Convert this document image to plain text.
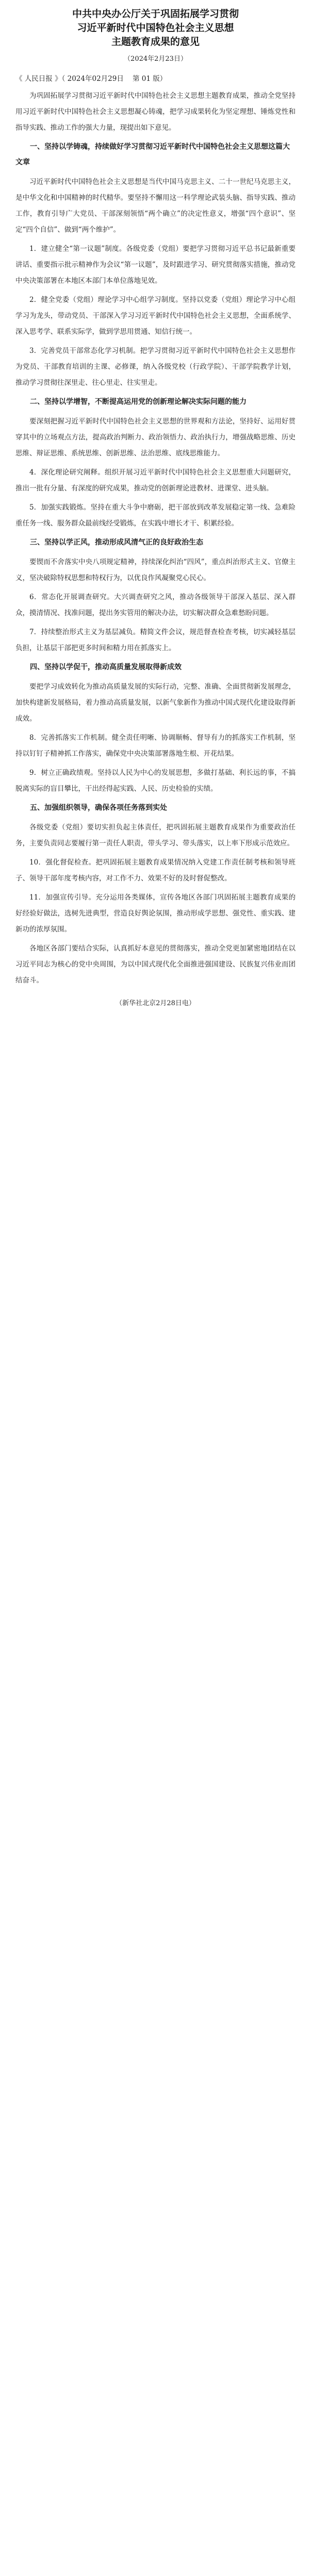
中共中央办公厅关于巩固拓展学习贯彻
习近平新时代中国特色社会主义思想
主题教育成果的意见
（2024年2月23日）
《 人民日报 》（ 2024年02月29日    第 01 版）

为巩固拓展学习贯彻习近平新时代中国特色社会主义思想主题教育成果，推动全党坚持用习近平新时代中国特色社会主义思想凝心铸魂，把学习成果转化为坚定理想、锤炼党性和指导实践、推动工作的强大力量，现提出如下意见。

一、坚持以学铸魂，持续做好学习贯彻习近平新时代中国特色社会主义思想这篇大文章

习近平新时代中国特色社会主义思想是当代中国马克思主义、二十一世纪马克思主义，是中华文化和中国精神的时代精华。要坚持不懈用这一科学理论武装头脑、指导实践、推动工作，教育引导广大党员、干部深刻领悟“两个确立”的决定性意义，增强“四个意识”、坚定“四个自信”、做到“两个维护”。

1．建立健全“第一议题”制度。各级党委（党组）要把学习贯彻习近平总书记最新重要讲话、重要指示批示精神作为会议“第一议题”，及时跟进学习、研究贯彻落实措施，推动党中央决策部署在本地区本部门本单位落地见效。

2．健全党委（党组）理论学习中心组学习制度。坚持以党委（党组）理论学习中心组学习为龙头，带动党员、干部深入学习习近平新时代中国特色社会主义思想，全面系统学、深入思考学、联系实际学，做到学思用贯通、知信行统一。

3．完善党员干部常态化学习机制。把学习贯彻习近平新时代中国特色社会主义思想作为党员、干部教育培训的主课、必修课，纳入各级党校（行政学院）、干部学院教学计划，推动学习贯彻往深里走、往心里走、往实里走。

二、坚持以学增智，不断提高运用党的创新理论解决实际问题的能力

要深刻把握习近平新时代中国特色社会主义思想的世界观和方法论，坚持好、运用好贯穿其中的立场观点方法，提高政治判断力、政治领悟力、政治执行力，增强战略思维、历史思维、辩证思维、系统思维、创新思维、法治思维、底线思维能力。

4．深化理论研究阐释。组织开展习近平新时代中国特色社会主义思想重大问题研究，推出一批有分量、有深度的研究成果，推动党的创新理论进教材、进课堂、进头脑。

5．加强实践锻炼。坚持在重大斗争中磨砺，把干部放到改革发展稳定第一线、急难险重任务一线、服务群众最前线经受锻炼，在实践中增长才干、积累经验。

三、坚持以学正风，推动形成风清气正的良好政治生态

要锲而不舍落实中央八项规定精神，持续深化纠治“四风”，重点纠治形式主义、官僚主义，坚决破除特权思想和特权行为，以优良作风凝聚党心民心。

6．常态化开展调查研究。大兴调查研究之风，推动各级领导干部深入基层、深入群众，摸清情况、找准问题，提出务实管用的解决办法，切实解决群众急难愁盼问题。

7．持续整治形式主义为基层减负。精简文件会议，规范督查检查考核，切实减轻基层负担，让基层干部把更多时间和精力用在抓落实上。

四、坚持以学促干，推动高质量发展取得新成效

要把学习成效转化为推动高质量发展的实际行动，完整、准确、全面贯彻新发展理念，加快构建新发展格局，着力推动高质量发展，以新气象新作为推动中国式现代化建设取得新成效。

8．完善抓落实工作机制。健全责任明晰、协调顺畅、督导有力的抓落实工作机制，坚持以钉钉子精神抓工作落实，确保党中央决策部署落地生根、开花结果。

9．树立正确政绩观。坚持以人民为中心的发展思想，多做打基础、利长远的事，不搞脱离实际的盲目攀比，干出经得起实践、人民、历史检验的实绩。

五、加强组织领导，确保各项任务落到实处

各级党委（党组）要切实担负起主体责任，把巩固拓展主题教育成果作为重要政治任务，主要负责同志要履行第一责任人职责，带头学习、带头落实，以上率下形成示范效应。

10．强化督促检查。把巩固拓展主题教育成果情况纳入党建工作责任制考核和领导班子、领导干部年度考核内容，对工作不力、效果不好的及时督促整改。

11．加强宣传引导。充分运用各类媒体，宣传各地区各部门巩固拓展主题教育成果的好经验好做法，选树先进典型，营造良好舆论氛围，推动形成学思想、强党性、重实践、建新功的浓厚氛围。

各地区各部门要结合实际，认真抓好本意见的贯彻落实，推动全党更加紧密地团结在以习近平同志为核心的党中央周围，为以中国式现代化全面推进强国建设、民族复兴伟业而团结奋斗。

（新华社北京2月28日电）
